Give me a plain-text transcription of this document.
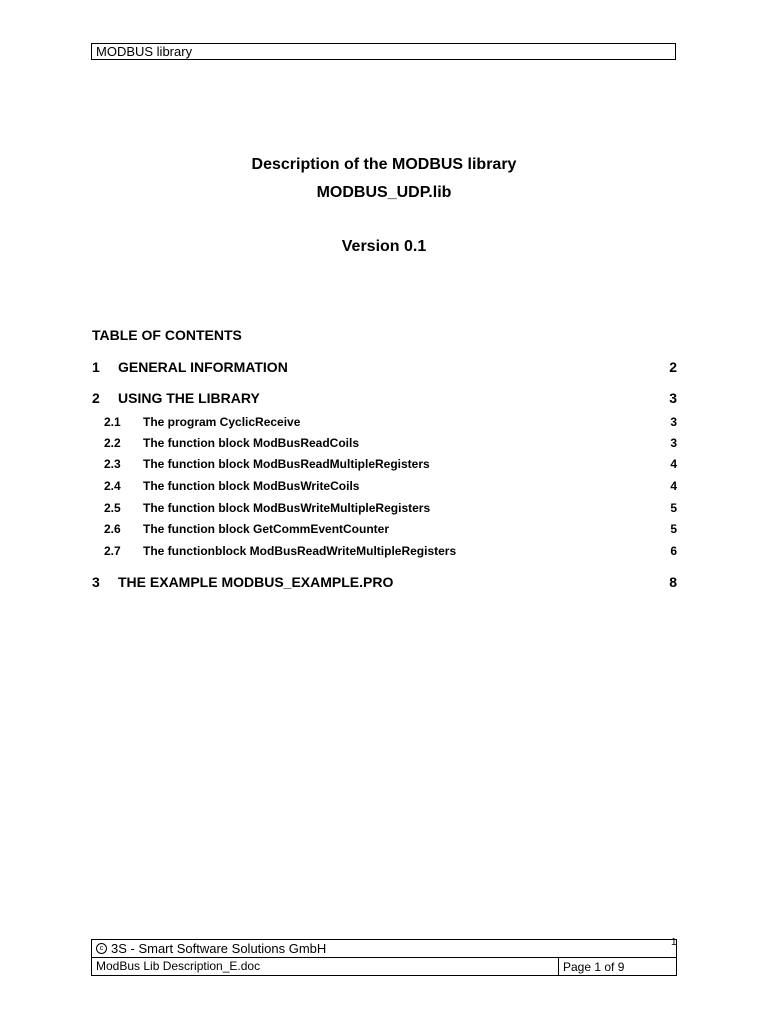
MODBUS library
Description of the MODBUS library
MODBUS_UDP.lib
Version 0.1
TABLE OF CONTENTS
1 GENERAL INFORMATION	2
2 USING THE LIBRARY	3
2.1 The program CyclicReceive	3
2.2 The function block ModBusReadCoils	3
2.3 The function block ModBusReadMultipleRegisters	4
2.4 The function block ModBusWriteCoils	4
2.5 The function block ModBusWriteMultipleRegisters	5
2.6 The function block GetCommEventCounter	5
2.7 The functionblock ModBusReadWriteMultipleRegisters	6
3 THE EXAMPLE MODBUS_EXAMPLE.PRO	8
c 3S - Smart Software Solutions GmbH
ModBus Lib Description_E.doc	Page 1 of 9
1
